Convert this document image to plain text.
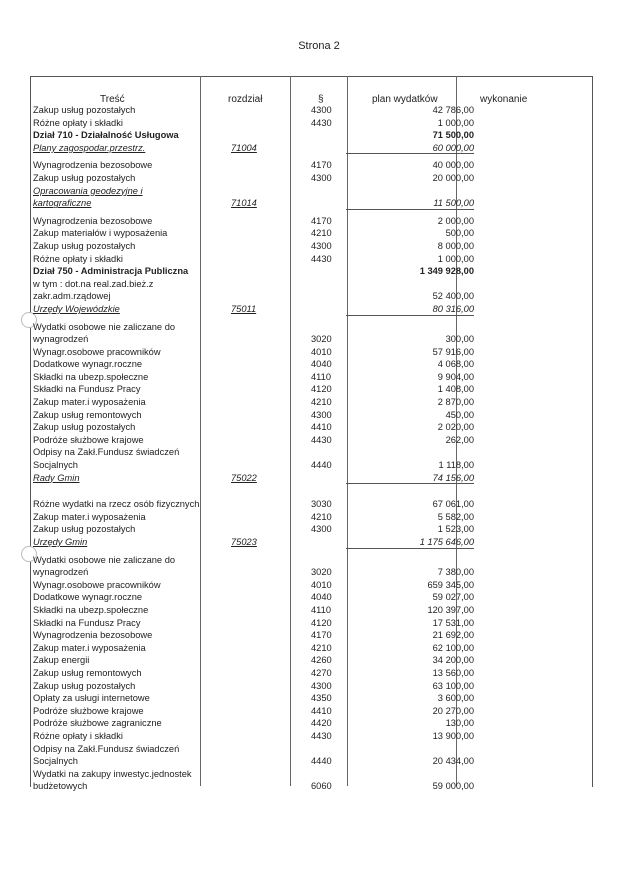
Strona 2
Treść	rozdział	§	plan wydatków	wykonanie
Zakup usług pozostałych	4300	42 786,00
Różne opłaty i składki	4430	1 000,00
Dział 710 - Działalność Usługowa	71 500,00
Plany zagospodar.przestrz.	71004	60 000,00
Wynagrodzenia bezosobowe	4170	40 000,00
Zakup usług pozostałych	4300	20 000,00
Opracowania geodezyjne i
kartograficzne	71014	11 500,00
Wynagrodzenia bezosobowe	4170	2 000,00
Zakup materiałów i wyposażenia	4210	500,00
Zakup usług pozostałych	4300	8 000,00
Różne opłaty i składki	4430	1 000,00
Dział 750 - Administracja Publiczna	1 349 928,00
w tym : dot.na real.zad.bież.z
zakr.adm.rządowej	52 400,00
Urzędy Wojewódzkie	75011	80 316,00
Wydatki osobowe nie zaliczane do
wynagrodzeń	3020	300,00
Wynagr.osobowe pracowników	4010	57 916,00
Dodatkowe wynagr.roczne	4040	4 068,00
Składki na ubezp.społeczne	4110	9 904,00
Składki na Fundusz Pracy	4120	1 408,00
Zakup mater.i wyposażenia	4210	2 870,00
Zakup usług remontowych	4300	450,00
Zakup usług pozostałych	4410	2 020,00
Podróże służbowe krajowe	4430	262,00
Odpisy na Zakł.Fundusz świadczeń
Socjalnych	4440	1 118,00
Rady Gmin	75022	74 156,00
Różne wydatki na rzecz osób fizycznych	3030	67 061,00
Zakup mater.i wyposażenia	4210	5 582,00
Zakup usług pozostałych	4300	1 523,00
Urzędy Gmin	75023	1 175 646,00
Wydatki osobowe nie zaliczane do
wynagrodzeń	3020	7 380,00
Wynagr.osobowe pracowników	4010	659 345,00
Dodatkowe wynagr.roczne	4040	59 027,00
Składki na ubezp.społeczne	4110	120 397,00
Składki na Fundusz Pracy	4120	17 531,00
Wynagrodzenia bezosobowe	4170	21 692,00
Zakup mater.i wyposażenia	4210	62 100,00
Zakup energii	4260	34 200,00
Zakup usług remontowych	4270	13 560,00
Zakup usług pozostałych	4300	63 100,00
Opłaty za usługi internetowe	4350	3 600,00
Podróże służbowe krajowe	4410	20 270,00
Podróże służbowe zagraniczne	4420	130,00
Różne opłaty i składki	4430	13 900,00
Odpisy na Zakł.Fundusz świadczeń
Socjalnych	4440	20 434,00
Wydatki na zakupy inwestyc.jednostek
budżetowych	6060	59 000,00
